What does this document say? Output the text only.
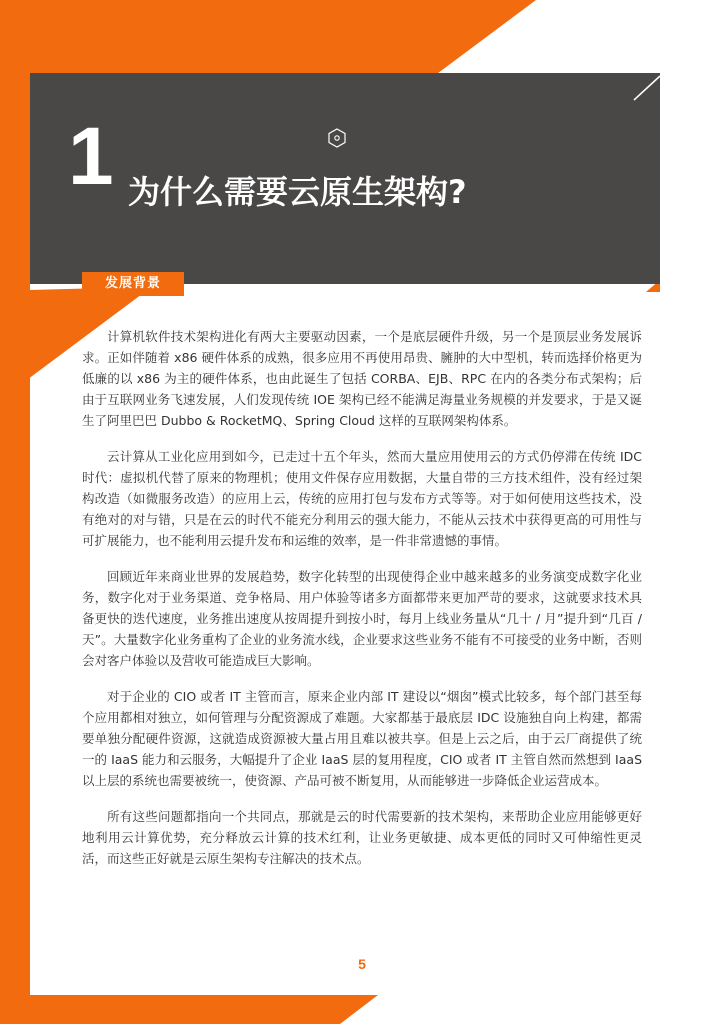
1 为什么需要云原生架构?
发展背景

计算机软件技术架构进化有两大主要驱动因素，一个是底层硬件升级，另一个是顶层业务发展诉求。正如伴随着 x86 硬件体系的成熟，很多应用不再使用昂贵、臃肿的大中型机，转而选择价格更为低廉的以 x86 为主的硬件体系，也由此诞生了包括 CORBA、EJB、RPC 在内的各类分布式架构；后由于互联网业务飞速发展，人们发现传统 IOE 架构已经不能满足海量业务规模的并发要求，于是又诞生了阿里巴巴 Dubbo & RocketMQ、Spring Cloud 这样的互联网架构体系。

云计算从工业化应用到如今，已走过十五个年头，然而大量应用使用云的方式仍停滞在传统 IDC 时代：虚拟机代替了原来的物理机；使用文件保存应用数据，大量自带的三方技术组件，没有经过架构改造（如微服务改造）的应用上云，传统的应用打包与发布方式等等。对于如何使用这些技术，没有绝对的对与错，只是在云的时代不能充分利用云的强大能力，不能从云技术中获得更高的可用性与可扩展能力，也不能利用云提升发布和运维的效率，是一件非常遗憾的事情。

回顾近年来商业世界的发展趋势，数字化转型的出现使得企业中越来越多的业务演变成数字化业务，数字化对于业务渠道、竞争格局、用户体验等诸多方面都带来更加严苛的要求，这就要求技术具备更快的迭代速度，业务推出速度从按周提升到按小时，每月上线业务量从“几十 / 月”提升到“几百 / 天”。大量数字化业务重构了企业的业务流水线，企业要求这些业务不能有不可接受的业务中断，否则会对客户体验以及营收可能造成巨大影响。

对于企业的 CIO 或者 IT 主管而言，原来企业内部 IT 建设以“烟囱”模式比较多，每个部门甚至每个应用都相对独立，如何管理与分配资源成了难题。大家都基于最底层 IDC 设施独自向上构建，都需要单独分配硬件资源，这就造成资源被大量占用且难以被共享。但是上云之后，由于云厂商提供了统一的 IaaS 能力和云服务，大幅提升了企业 IaaS 层的复用程度，CIO 或者 IT 主管自然而然想到 IaaS 以上层的系统也需要被统一，使资源、产品可被不断复用，从而能够进一步降低企业运营成本。

所有这些问题都指向一个共同点，那就是云的时代需要新的技术架构，来帮助企业应用能够更好地利用云计算优势，充分释放云计算的技术红利，让业务更敏捷、成本更低的同时又可伸缩性更灵活，而这些正好就是云原生架构专注解决的技术点。

5
